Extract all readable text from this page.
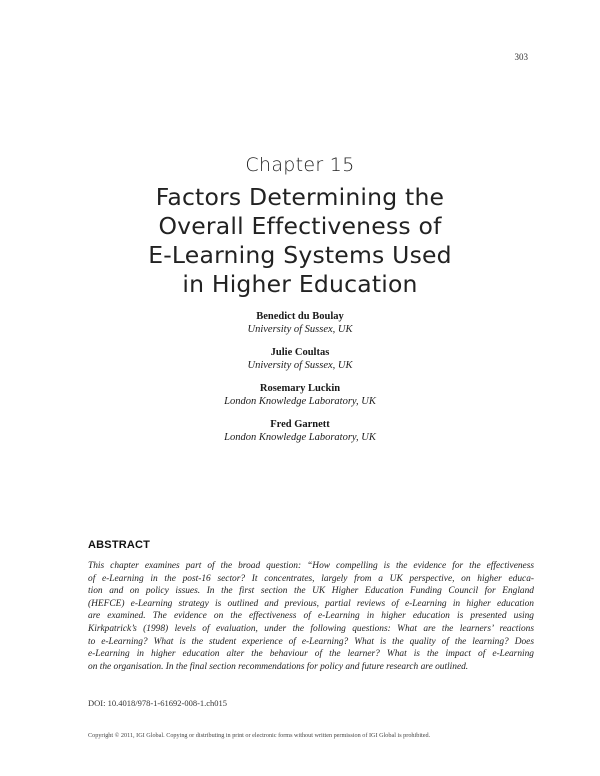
303
Chapter 15
Factors Determining the
Overall Effectiveness of
E-Learning Systems Used
in Higher Education
Benedict du Boulay
University of Sussex, UK
Julie Coultas
University of Sussex, UK
Rosemary Luckin
London Knowledge Laboratory, UK
Fred Garnett
London Knowledge Laboratory, UK
ABSTRACT
This chapter examines part of the broad question: “How compelling is the evidence for the effectiveness
of e-Learning in the post-16 sector? It concentrates, largely from a UK perspective, on higher educa-
tion and on policy issues. In the first section the UK Higher Education Funding Council for England
(HEFCE) e-Learning strategy is outlined and previous, partial reviews of e-Learning in higher education
are examined. The evidence on the effectiveness of e-Learning in higher education is presented using
Kirkpatrick’s (1998) levels of evaluation, under the following questions: What are the learners’ reactions
to e-Learning? What is the student experience of e-Learning? What is the quality of the learning? Does
e-Learning in higher education alter the behaviour of the learner? What is the impact of e-Learning
on the organisation. In the final section recommendations for policy and future research are outlined.
DOI: 10.4018/978-1-61692-008-1.ch015
Copyright © 2011, IGI Global. Copying or distributing in print or electronic forms without written permission of IGI Global is prohibited.
